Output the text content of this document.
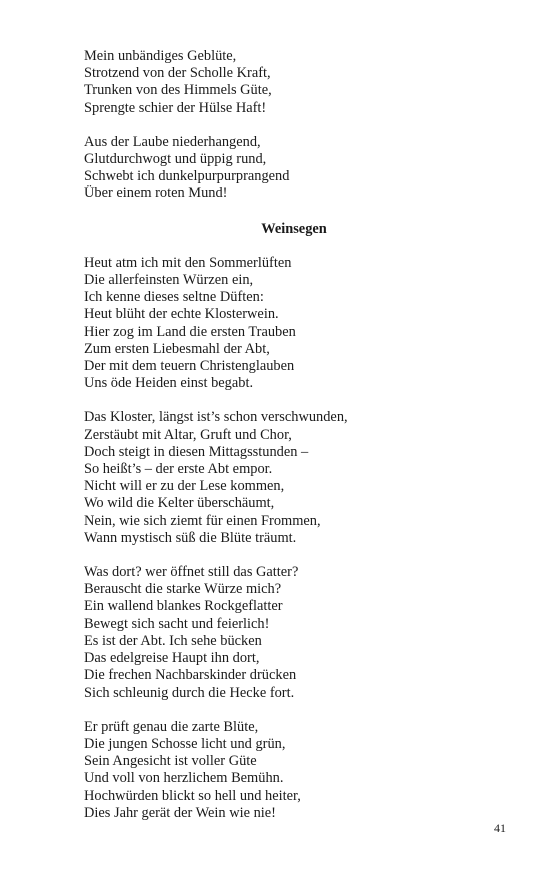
Mein unbändiges Geblüte,
Strotzend von der Scholle Kraft,
Trunken von des Himmels Güte,
Sprengte schier der Hülse Haft!
Aus der Laube niederhangend,
Glutdurchwogt und üppig rund,
Schwebt ich dunkelpurpurprangend
Über einem roten Mund!
Weinsegen
Heut atm ich mit den Sommerlüften
Die allerfeinsten Würzen ein,
Ich kenne dieses seltne Düften:
Heut blüht der echte Klosterwein.
Hier zog im Land die ersten Trauben
Zum ersten Liebesmahl der Abt,
Der mit dem teuern Christenglauben
Uns öde Heiden einst begabt.
Das Kloster, längst ist’s schon verschwunden,
Zerstäubt mit Altar, Gruft und Chor,
Doch steigt in diesen Mittagsstunden –
So heißt’s – der erste Abt empor.
Nicht will er zu der Lese kommen,
Wo wild die Kelter überschäumt,
Nein, wie sich ziemt für einen Frommen,
Wann mystisch süß die Blüte träumt.
Was dort? wer öffnet still das Gatter?
Berauscht die starke Würze mich?
Ein wallend blankes Rockgeflatter
Bewegt sich sacht und feierlich!
Es ist der Abt. Ich sehe bücken
Das edelgreise Haupt ihn dort,
Die frechen Nachbarskinder drücken
Sich schleunig durch die Hecke fort.
Er prüft genau die zarte Blüte,
Die jungen Schosse licht und grün,
Sein Angesicht ist voller Güte
Und voll von herzlichem Bemühn.
Hochwürden blickt so hell und heiter,
Dies Jahr gerät der Wein wie nie!
41
